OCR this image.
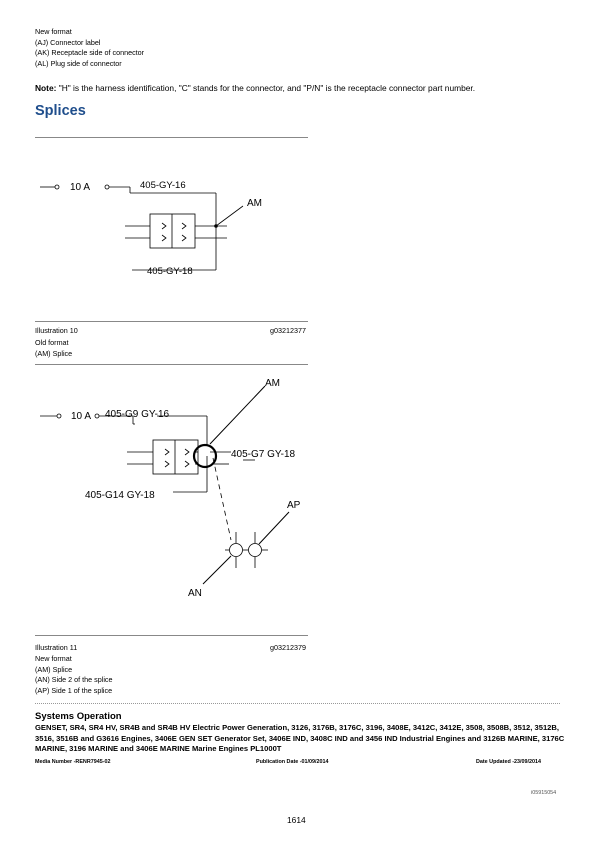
New format
(AJ) Connector label
(AK) Receptacle side of connector
(AL) Plug side of connector
Note: "H" is the harness identification, "C" stands for the connector, and "P/N" is the receptacle connector part number.
Splices
10 A	405-GY-16
AM
405-GY-18
Illustration 10	g03212377
Old format
(AM) Splice
10 A 405-G9 GY-16
405-G7 GY-18
405-G14 GY-18
AM
AP
AN
Illustration 11	g03212379
New format
(AM) Splice
(AN) Side 2 of the splice
(AP) Side 1 of the splice
Systems Operation
GENSET, SR4, SR4 HV, SR4B and SR4B HV Electric Power Generation, 3126, 3176B, 3176C, 3196, 3408E, 3412C, 3412E, 3508, 3508B, 3512, 3512B, 3516, 3516B and G3616 Engines, 3406E GEN SET Generator Set, 3406E IND, 3408C IND and 3456 IND Industrial Engines and 3126B MARINE, 3176C MARINE, 3196 MARINE and 3406E MARINE Marine Engines PL1000T
Media Number -RENR7945-02	Publication Date -01/09/2014	Date Updated -23/09/2014
i05915054
1614
